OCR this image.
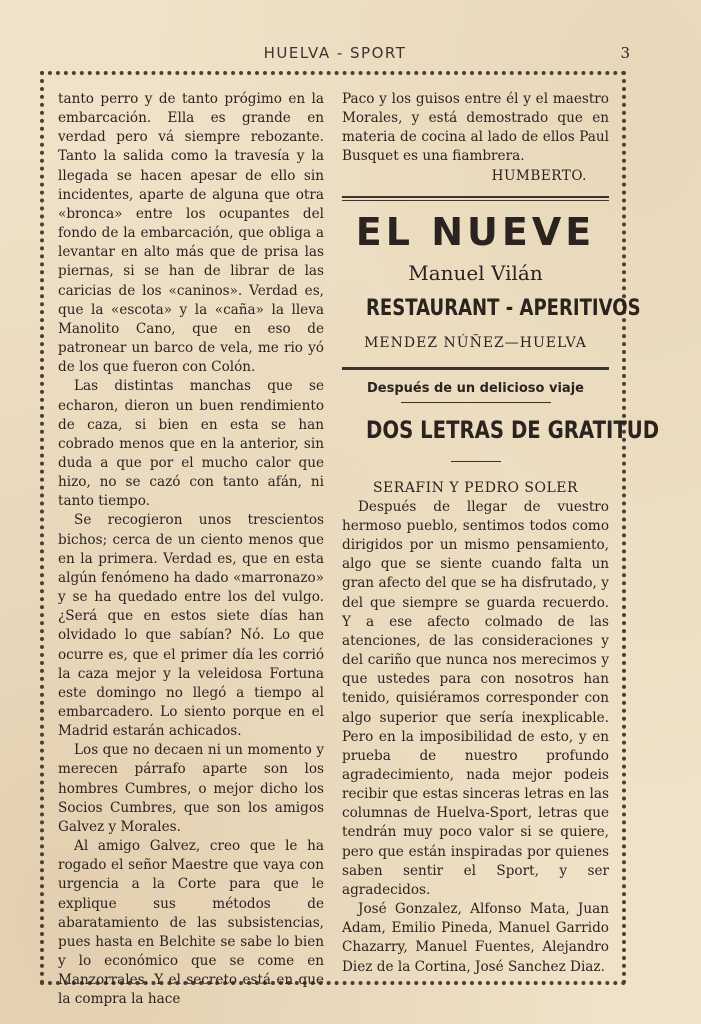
HUELVA - SPORT	3

tanto perro y de tanto prógimo en la embarcación. Ella es grande en verdad pero vá siempre rebozante. Tanto la salida como la travesía y la llegada se hacen apesar de ello sin incidentes, aparte de alguna que otra «bronca» entre los ocupantes del fondo de la embarcación, que obliga a levantar en alto más que de prisa las piernas, si se han de librar de las caricias de los «caninos». Verdad es, que la «escota» y la «caña» la lleva Manolito Cano, que en eso de patronear un barco de vela, me rio yó de los que fueron con Colón.

Las distintas manchas que se echaron, dieron un buen rendimiento de caza, si bien en esta se han cobrado menos que en la anterior, sin duda a que por el mucho calor que hizo, no se cazó con tanto afán, ni tanto tiempo.

Se recogieron unos trescientos bichos; cerca de un ciento menos que en la primera. Verdad es, que en esta algún fenómeno ha dado «marronazo» y se ha quedado entre los del vulgo. ¿Será que en estos siete días han olvidado lo que sabían? Nó. Lo que ocurre es, que el primer día les corrió la caza mejor y la veleidosa Fortuna este domingo no llegó a tiempo al embarcadero. Lo siento porque en el Madrid estarán achicados.

Los que no decaen ni un momento y merecen párrafo aparte son los hombres Cumbres, o mejor dicho los Socios Cumbres, que son los amigos Galvez y Morales.

Al amigo Galvez, creo que le ha rogado el señor Maestre que vaya con urgencia a la Corte para que le explique sus métodos de abaratamiento de las subsistencias, pues hasta en Belchite se sabe lo bien y lo económico que se come en Manzorrales. Y el secreto está en que la compra la hace

Paco y los guisos entre él y el maestro Morales, y está demostrado que en materia de cocina al lado de ellos Paul Busquet es una fiambrera.

HUMBERTO.
EL NUEVE
Manuel Vilán
RESTAURANT - APERITIVOS
MENDEZ NÚÑEZ—HUELVA
Después de un delicioso viaje
DOS LETRAS DE GRATITUD
SERAFIN Y PEDRO SOLER

Después de llegar de vuestro hermoso pueblo, sentimos todos como dirigidos por un mismo pensamiento, algo que se siente cuando falta un gran afecto del que se ha disfrutado, y del que siempre se guarda recuerdo. Y a ese afecto colmado de las atenciones, de las consideraciones y del cariño que nunca nos merecimos y que ustedes para con nosotros han tenido, quisiéramos corresponder con algo superior que sería inexplicable. Pero en la imposibilidad de esto, y en prueba de nuestro profundo agradecimiento, nada mejor podeis recibir que estas sinceras letras en las columnas de Huelva-Sport, letras que tendrán muy poco valor si se quiere, pero que están inspiradas por quienes saben sentir el Sport, y ser agradecidos.

José Gonzalez, Alfonso Mata, Juan Adam, Emilio Pineda, Manuel Garrido Chazarry, Manuel Fuentes, Alejandro Diez de la Cortina, José Sanchez Diaz.
